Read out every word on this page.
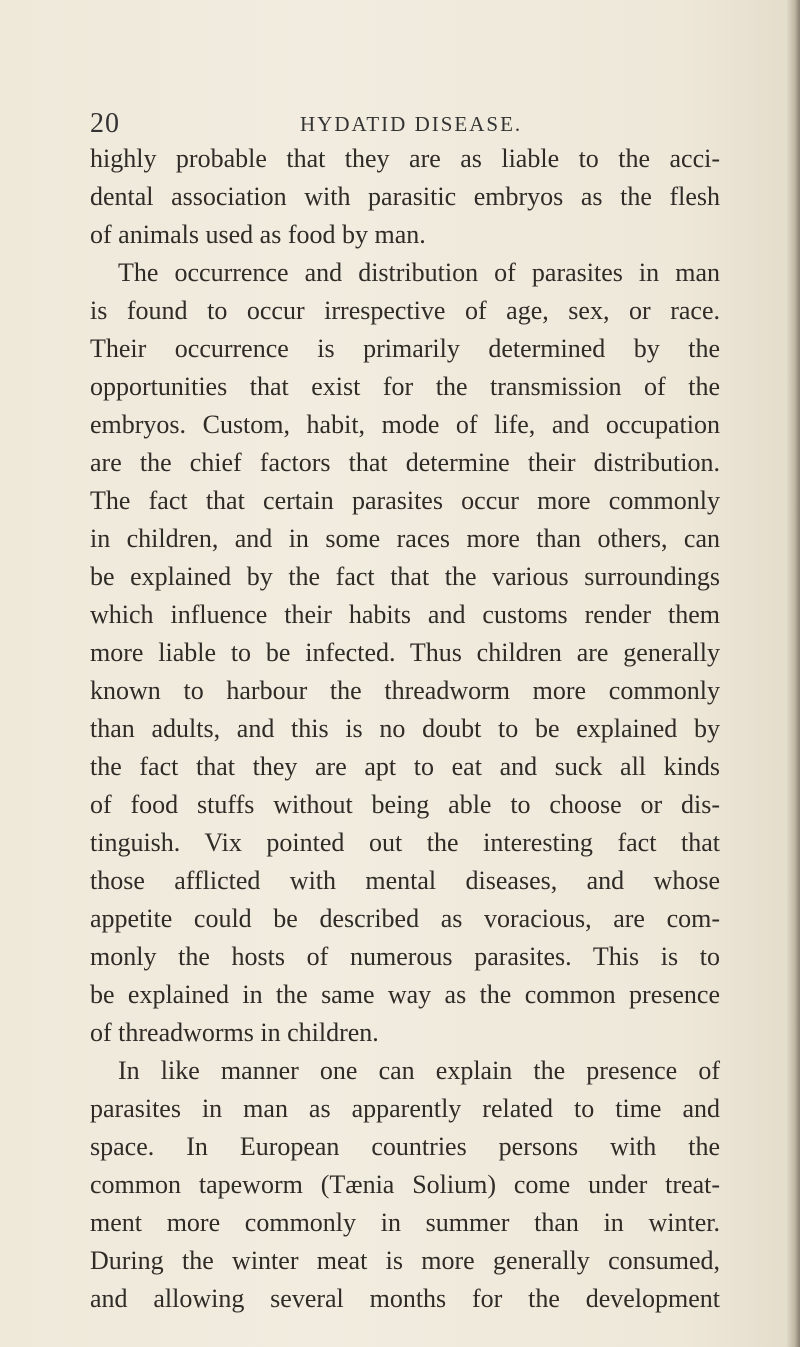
20	HYDATID DISEASE.
highly probable that they are as liable to the acci-
dental association with parasitic embryos as the flesh
of animals used as food by man.
The occurrence and distribution of parasites in man
is found to occur irrespective of age, sex, or race.
Their occurrence is primarily determined by the
opportunities that exist for the transmission of the
embryos. Custom, habit, mode of life, and occupation
are the chief factors that determine their distribution.
The fact that certain parasites occur more commonly
in children, and in some races more than others, can
be explained by the fact that the various surroundings
which influence their habits and customs render them
more liable to be infected. Thus children are generally
known to harbour the threadworm more commonly
than adults, and this is no doubt to be explained by
the fact that they are apt to eat and suck all kinds
of food stuffs without being able to choose or dis-
tinguish. Vix pointed out the interesting fact that
those afflicted with mental diseases, and whose
appetite could be described as voracious, are com-
monly the hosts of numerous parasites. This is to
be explained in the same way as the common presence
of threadworms in children.
In like manner one can explain the presence of
parasites in man as apparently related to time and
space. In European countries persons with the
common tapeworm (Tænia Solium) come under treat-
ment more commonly in summer than in winter.
During the winter meat is more generally consumed,
and allowing several months for the development
